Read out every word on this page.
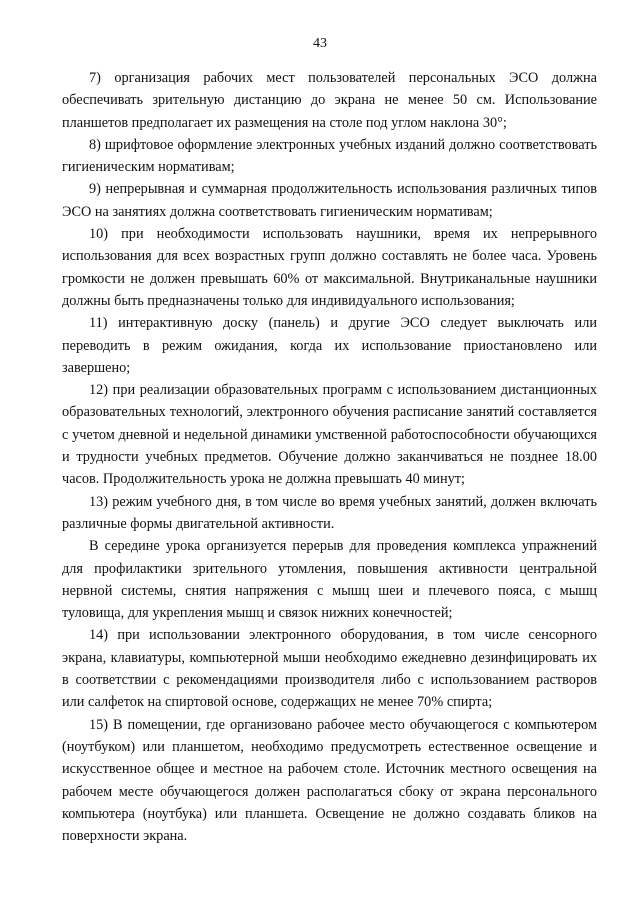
43

7) организация рабочих мест пользователей персональных ЭСО должна обеспечивать зрительную дистанцию до экрана не менее 50 см. Использование планшетов предполагает их размещения на столе под углом наклона 30°;

8) шрифтовое оформление электронных учебных изданий должно соответствовать гигиеническим нормативам;

9) непрерывная и суммарная продолжительность использования различных типов ЭСО на занятиях должна соответствовать гигиеническим нормативам;

10) при необходимости использовать наушники, время их непрерывного использования для всех возрастных групп должно составлять не более часа. Уровень громкости не должен превышать 60% от максимальной. Внутриканальные наушники должны быть предназначены только для индивидуального использования;

11) интерактивную доску (панель) и другие ЭСО следует выключать или переводить в режим ожидания, когда их использование приостановлено или завершено;

12) при реализации образовательных программ с использованием дистанционных образовательных технологий, электронного обучения расписание занятий составляется с учетом дневной и недельной динамики умственной работоспособности обучающихся и трудности учебных предметов. Обучение должно заканчиваться не позднее 18.00 часов. Продолжительность урока не должна превышать 40 минут;

13) режим учебного дня, в том числе во время учебных занятий, должен включать различные формы двигательной активности.

В середине урока организуется перерыв для проведения комплекса упражнений для профилактики зрительного утомления, повышения активности центральной нервной системы, снятия напряжения с мышц шеи и плечевого пояса, с мышц туловища, для укрепления мышц и связок нижних конечностей;

14) при использовании электронного оборудования, в том числе сенсорного экрана, клавиатуры, компьютерной мыши необходимо ежедневно дезинфицировать их в соответствии с рекомендациями производителя либо с использованием растворов или салфеток на спиртовой основе, содержащих не менее 70% спирта;

15) В помещении, где организовано рабочее место обучающегося с компьютером (ноутбуком) или планшетом, необходимо предусмотреть естественное освещение и искусственное общее и местное на рабочем столе. Источник местного освещения на рабочем месте обучающегося должен располагаться сбоку от экрана персонального компьютера (ноутбука) или планшета. Освещение не должно создавать бликов на поверхности экрана.
